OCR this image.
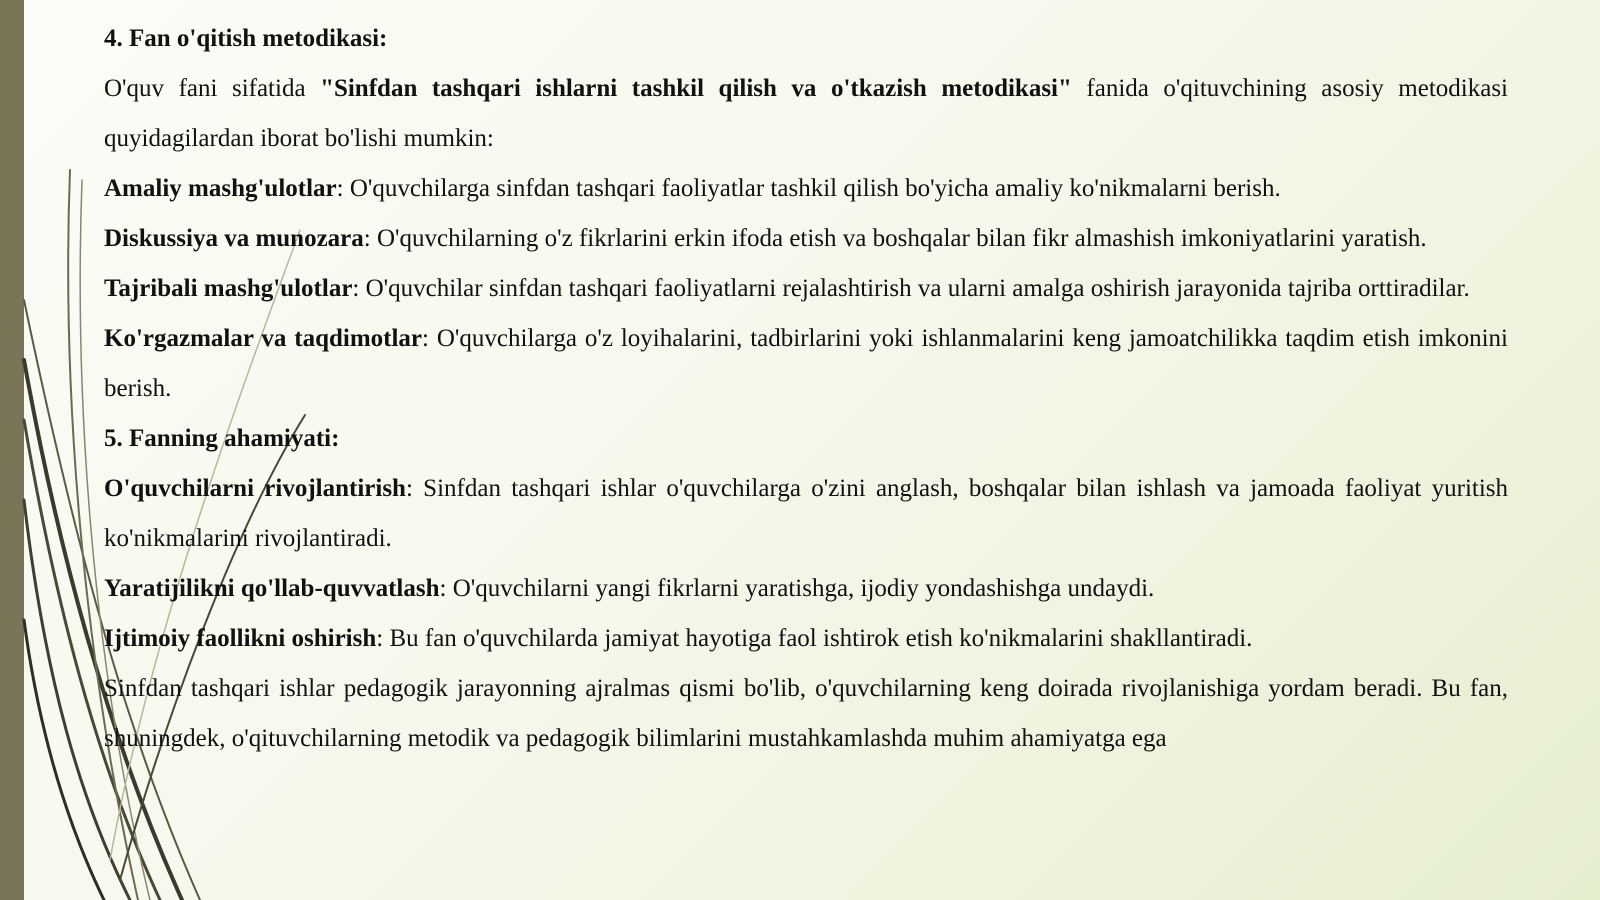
4. Fan o'qitish metodikasi:

O'quv fani sifatida "Sinfdan tashqari ishlarni tashkil qilish va o'tkazish metodikasi" fanida o'qituvchining asosiy metodikasi quyidagilardan iborat bo'lishi mumkin:

Amaliy mashg'ulotlar: O'quvchilarga sinfdan tashqari faoliyatlar tashkil qilish bo'yicha amaliy ko'nikmalarni berish.

Diskussiya va munozara: O'quvchilarning o'z fikrlarini erkin ifoda etish va boshqalar bilan fikr almashish imkoniyatlarini yaratish.

Tajribali mashg'ulotlar: O'quvchilar sinfdan tashqari faoliyatlarni rejalashtirish va ularni amalga oshirish jarayonida tajriba orttiradilar.

Ko'rgazmalar va taqdimotlar: O'quvchilarga o'z loyihalarini, tadbirlarini yoki ishlanmalarini keng jamoatchilikka taqdim etish imkonini berish.

5. Fanning ahamiyati:

O'quvchilarni rivojlantirish: Sinfdan tashqari ishlar o'quvchilarga o'zini anglash, boshqalar bilan ishlash va jamoada faoliyat yuritish ko'nikmalarini rivojlantiradi.

Yaratijilikni qo'llab-quvvatlash: O'quvchilarni yangi fikrlarni yaratishga, ijodiy yondashishga undaydi.

Ijtimoiy faollikni oshirish: Bu fan o'quvchilarda jamiyat hayotiga faol ishtirok etish ko'nikmalarini shakllantiradi.

Sinfdan tashqari ishlar pedagogik jarayonning ajralmas qismi bo'lib, o'quvchilarning keng doirada rivojlanishiga yordam beradi. Bu fan, shuningdek, o'qituvchilarning metodik va pedagogik bilimlarini mustahkamlashda muhim ahamiyatga ega
